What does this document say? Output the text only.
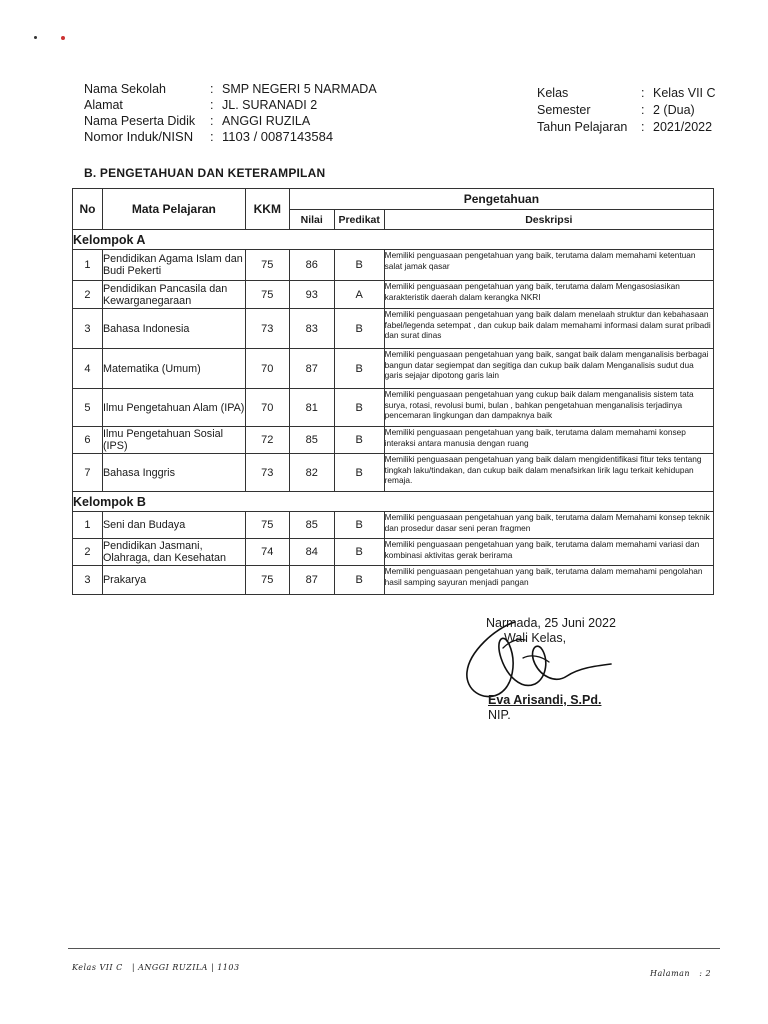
Nama Sekolah	: SMP NEGERI 5 NARMADA
Alamat	: JL. SURANADI 2
Nama Peserta Didik	: ANGGI RUZILA
Nomor Induk/NISN	: 1103 / 0087143584
Kelas	: Kelas VII C
Semester	: 2 (Dua)
Tahun Pelajaran	: 2021/2022
B. PENGETAHUAN DAN KETERAMPILAN
No	Mata Pelajaran	KKM	Pengetahuan		
			Nilai	Predikat	Deskripsi
Kelompok A					
1	Pendidikan Agama Islam dan Budi Pekerti	75	86	B	Memiliki penguasaan pengetahuan yang baik, terutama dalam memahami ketentuan salat jamak qasar
2	Pendidikan Pancasila dan Kewarganegaraan	75	93	A	Memiliki penguasaan pengetahuan yang baik, terutama dalam Mengasosiasikan karakteristik daerah dalam kerangka NKRI
3	Bahasa Indonesia	73	83	B	Memiliki penguasaan pengetahuan yang baik dalam menelaah struktur dan kebahasaan fabel/legenda setempat , dan cukup baik dalam memahami informasi dalam surat pribadi dan surat dinas
4	Matematika (Umum)	70	87	B	Memiliki penguasaan pengetahuan yang baik, sangat baik dalam menganalisis berbagai bangun datar segiempat dan segitiga dan cukup baik dalam Menganalisis sudut dua garis sejajar dipotong garis lain
5	Ilmu Pengetahuan Alam (IPA)	70	81	B	Memiliki penguasaan pengetahuan yang cukup baik dalam menganalisis sistem tata surya, rotasi, revolusi bumi, bulan , bahkan pengetahuan menganalisis terjadinya pencemaran lingkungan dan dampaknya baik
6	Ilmu Pengetahuan Sosial (IPS)	72	85	B	Memiliki penguasaan pengetahuan yang baik, terutama dalam memahami konsep interaksi antara manusia dengan ruang
7	Bahasa Inggris	73	82	B	Memiliki penguasaan pengetahuan yang baik dalam mengidentifikasi fitur teks tentang tingkah laku/tindakan, dan cukup baik dalam menafsirkan lirik lagu terkait kehidupan remaja.
Kelompok B					
1	Seni dan Budaya	75	85	B	Memiliki penguasaan pengetahuan yang baik, terutama dalam Memahami konsep teknik dan prosedur dasar seni peran fragmen
2	Pendidikan Jasmani, Olahraga, dan Kesehatan	74	84	B	Memiliki penguasaan pengetahuan yang baik, terutama dalam memahami variasi dan kombinasi aktivitas gerak berirama
3	Prakarya	75	87	B	Memiliki penguasaan pengetahuan yang baik, terutama dalam memahami pengolahan hasil samping sayuran menjadi pangan
Narmada, 25 Juni 2022
Wali Kelas,
Eva Arisandi, S.Pd.
NIP.
Kelas VII C   | ANGGI RUZILA | 1103
Halaman   : 2
